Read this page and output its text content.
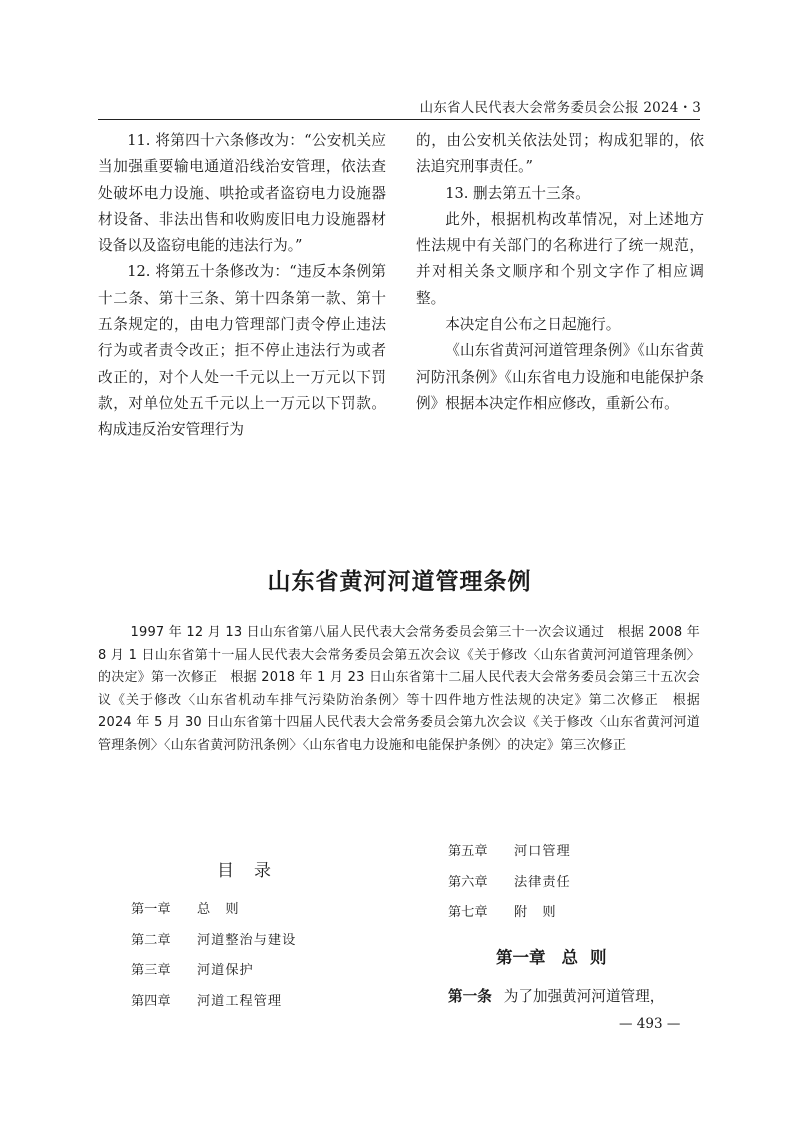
山东省人民代表大会常务委员会公报 2024・3

11. 将第四十六条修改为：“公安机关应当加强重要输电通道沿线治安管理，依法查处破坏电力设施、哄抢或者盗窃电力设施器材设备、非法出售和收购废旧电力设施器材设备以及盗窃电能的违法行为。”

12. 将第五十条修改为：“违反本条例第十二条、第十三条、第十四条第一款、第十五条规定的，由电力管理部门责令停止违法行为或者责令改正；拒不停止违法行为或者改正的，对个人处一千元以上一万元以下罚款，对单位处五千元以上一万元以下罚款。构成违反治安管理行为

的，由公安机关依法处罚；构成犯罪的，依法追究刑事责任。”

13. 删去第五十三条。

此外，根据机构改革情况，对上述地方性法规中有关部门的名称进行了统一规范，并对相关条文顺序和个别文字作了相应调整。

本决定自公布之日起施行。

《山东省黄河河道管理条例》《山东省黄河防汛条例》《山东省电力设施和电能保护条例》根据本决定作相应修改，重新公布。

山东省黄河河道管理条例
1997 年 12 月 13 日山东省第八届人民代表大会常务委员会第三十一次会议通过　根据 2008 年 8 月 1 日山东省第十一届人民代表大会常务委员会第五次会议《关于修改〈山东省黄河河道管理条例〉的决定》第一次修正　根据 2018 年 1 月 23 日山东省第十二届人民代表大会常务委员会第三十五次会议《关于修改〈山东省机动车排气污染防治条例〉等十四件地方性法规的决定》第二次修正　根据 2024 年 5 月 30 日山东省第十四届人民代表大会常务委员会第九次会议《关于修改〈山东省黄河河道管理条例〉〈山东省黄河防汛条例〉〈山东省电力设施和电能保护条例〉的决定》第三次修正
目录
第一章 总　则
第二章 河道整治与建设
第三章 河道保护
第四章 河道工程管理
第五章 河口管理
第六章 法律责任
第七章 附　则
第一章 总则
第一条 为了加强黄河河道管理，
— 493 —
